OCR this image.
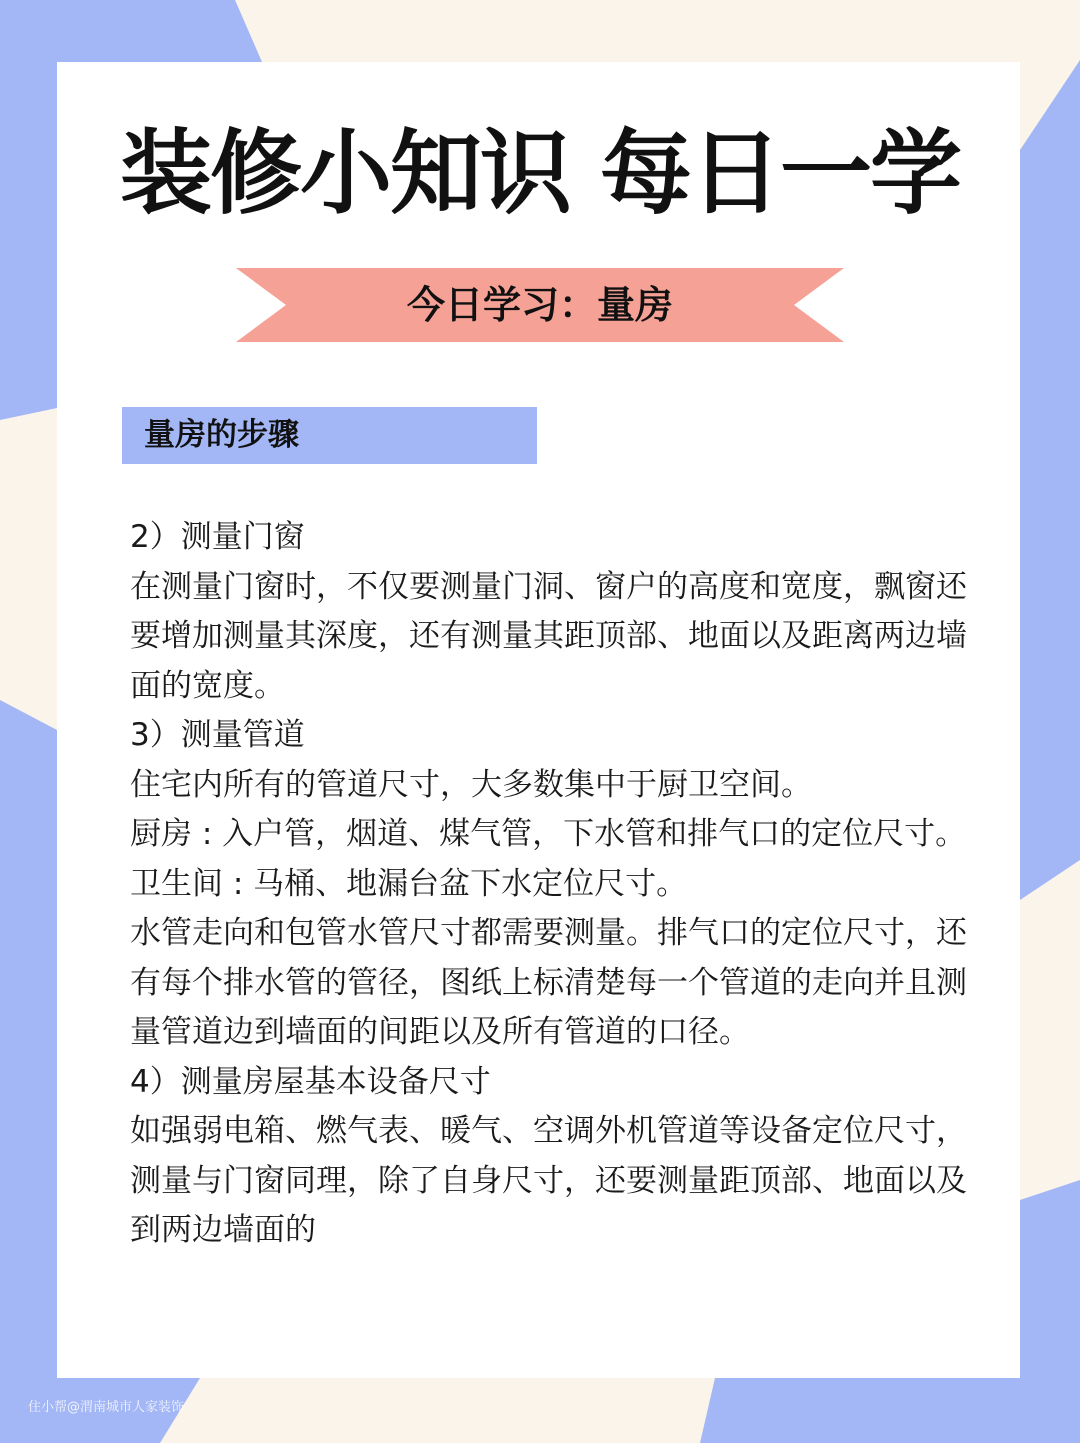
装修小知识 每日一学
今日学习：量房
量房的步骤

2）测量门窗

在测量门窗时，不仅要测量门洞、窗户的高度和宽度，飘窗还要增加测量其深度，还有测量其距顶部、地面以及距离两边墙面的宽度。

3）测量管道

住宅内所有的管道尺寸，大多数集中于厨卫空间。

厨房 : 入户管，烟道、煤气管，下水管和排气口的定位尺寸。

卫生间 : 马桶、地漏台盆下水定位尺寸。

水管走向和包管水管尺寸都需要测量。排气口的定位尺寸，还有每个排水管的管径，图纸上标清楚每一个管道的走向并且测量管道边到墙面的间距以及所有管道的口径。

4）测量房屋基本设备尺寸

如强弱电箱、燃气表、暖气、空调外机管道等设备定位尺寸，测量与门窗同理，除了自身尺寸，还要测量距顶部、地面以及到两边墙面的

住小帮@渭南城市人家装饰
